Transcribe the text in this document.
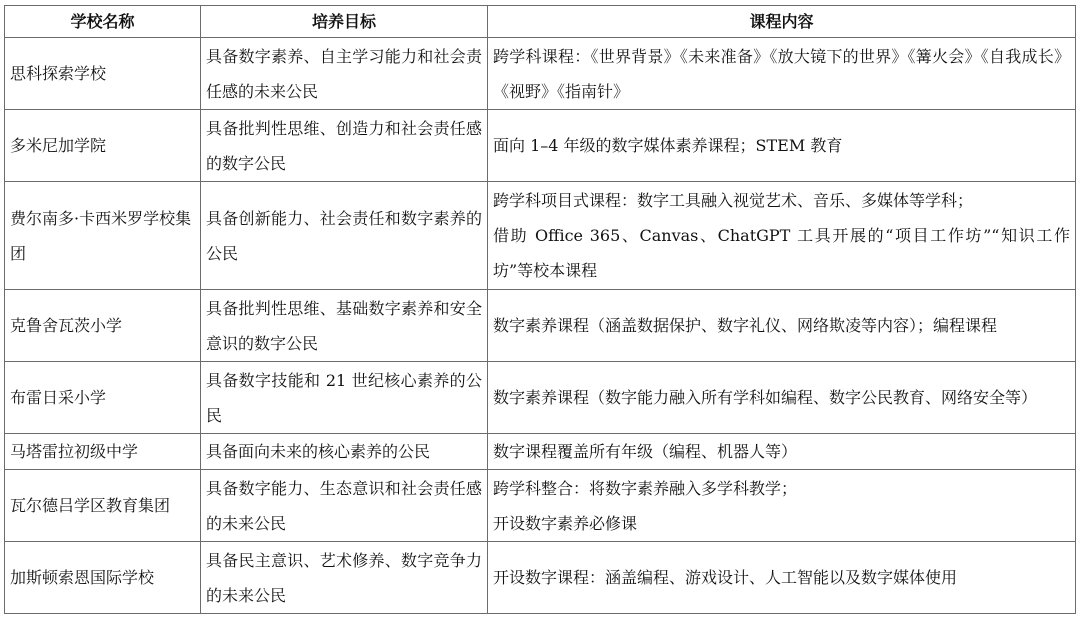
学校名称	培养目标	课程内容
思科探索学校	具备数字素养、自主学习能力和社会责任感的未来公民	跨学科课程：《世界背景》《未来准备》《放大镜下的世界》《篝火会》《自我成长》《视野》《指南针》

多米尼加学院	具备批判性思维、创造力和社会责任感的数字公民	面向 1–4 年级的数字媒体素养课程；STEM 教育

费尔南多·卡西米罗学校集团	具备创新能力、社会责任和数字素养的公民	跨学科项目式课程：数字工具融入视觉艺术、音乐、多媒体等学科；
借助 Office 365、Canvas、ChatGPT 工具开展的“项目工作坊”“知识工作坊”等校本课程

克鲁舍瓦茨小学	具备批判性思维、基础数字素养和安全意识的数字公民	数字素养课程（涵盖数据保护、数字礼仪、网络欺凌等内容）；编程课程

布雷日采小学	具备数字技能和 21 世纪核心素养的公民	数字素养课程（数字能力融入所有学科如编程、数字公民教育、网络安全等）

马塔雷拉初级中学	具备面向未来的核心素养的公民	数字课程覆盖所有年级（编程、机器人等）

瓦尔德吕学区教育集团	具备数字能力、生态意识和社会责任感的未来公民	跨学科整合：将数字素养融入多学科教学；
开设数字素养必修课

加斯顿索恩国际学校	具备民主意识、艺术修养、数字竞争力的未来公民	开设数字课程：涵盖编程、游戏设计、人工智能以及数字媒体使用
